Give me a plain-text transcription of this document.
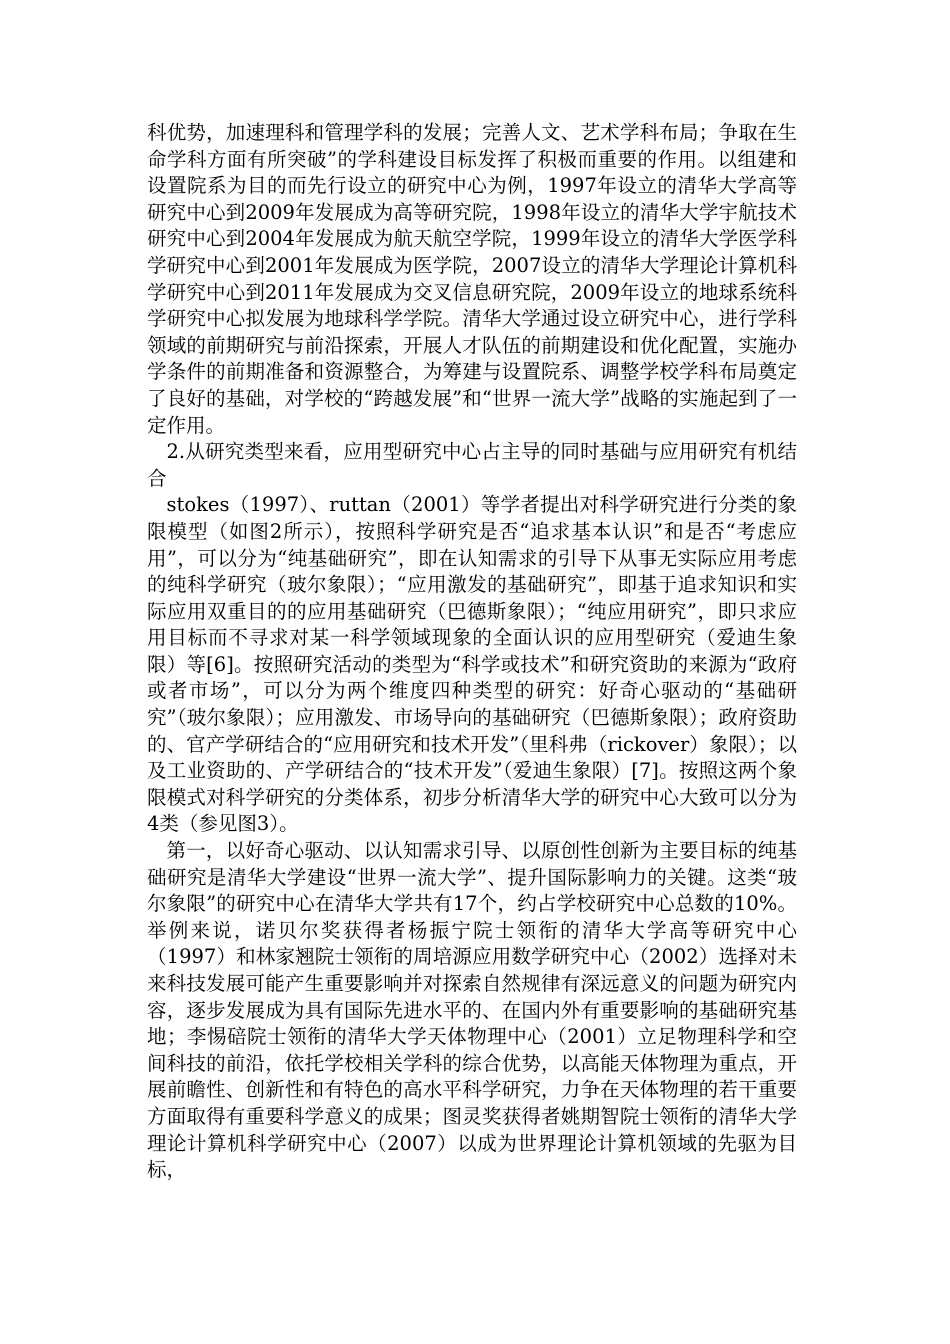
科优势，加速理科和管理学科的发展；完善人文、艺术学科布局；争取在生命学科方面有所突破”的学科建设目标发挥了积极而重要的作用。以组建和设置院系为目的而先行设立的研究中心为例，1997年设立的清华大学高等研究中心到2009年发展成为高等研究院，1998年设立的清华大学宇航技术研究中心到2004年发展成为航天航空学院，1999年设立的清华大学医学科学研究中心到2001年发展成为医学院，2007设立的清华大学理论计算机科学研究中心到2011年发展成为交叉信息研究院，2009年设立的地球系统科学研究中心拟发展为地球科学学院。清华大学通过设立研究中心，进行学科领域的前期研究与前沿探索，开展人才队伍的前期建设和优化配置，实施办学条件的前期准备和资源整合，为筹建与设置院系、调整学校学科布局奠定了良好的基础，对学校的“跨越发展”和“世界一流大学”战略的实施起到了一定作用。

2.从研究类型来看，应用型研究中心占主导的同时基础与应用研究有机结合

stokes（1997）、ruttan（2001）等学者提出对科学研究进行分类的象限模型（如图2所示），按照科学研究是否“追求基本认识”和是否“考虑应用”，可以分为“纯基础研究”，即在认知需求的引导下从事无实际应用考虑的纯科学研究（玻尔象限）；“应用激发的基础研究”，即基于追求知识和实际应用双重目的的应用基础研究（巴德斯象限）；“纯应用研究”，即只求应用目标而不寻求对某一科学领域现象的全面认识的应用型研究（爱迪生象限）等[6]。按照研究活动的类型为“科学或技术”和研究资助的来源为“政府或者市场”，可以分为两个维度四种类型的研究：好奇心驱动的“基础研究”（玻尔象限）；应用激发、市场导向的基础研究（巴德斯象限）；政府资助的、官产学研结合的“应用研究和技术开发”（里科弗（rickover）象限）；以及工业资助的、产学研结合的“技术开发”（爱迪生象限）[7]。按照这两个象限模式对科学研究的分类体系，初步分析清华大学的研究中心大致可以分为4类（参见图3）。

第一，以好奇心驱动、以认知需求引导、以原创性创新为主要目标的纯基础研究是清华大学建设“世界一流大学”、提升国际影响力的关键。这类“玻尔象限”的研究中心在清华大学共有17个，约占学校研究中心总数的10%。举例来说，诺贝尔奖获得者杨振宁院士领衔的清华大学高等研究中心（1997）和林家翘院士领衔的周培源应用数学研究中心（2002）选择对未来科技发展可能产生重要影响并对探索自然规律有深远意义的问题为研究内容，逐步发展成为具有国际先进水平的、在国内外有重要影响的基础研究基地；李惕碚院士领衔的清华大学天体物理中心（2001）立足物理科学和空间科技的前沿，依托学校相关学科的综合优势，以高能天体物理为重点，开展前瞻性、创新性和有特色的高水平科学研究，力争在天体物理的若干重要方面取得有重要科学意义的成果；图灵奖获得者姚期智院士领衔的清华大学理论计算机科学研究中心（2007）以成为世界理论计算机领域的先驱为目标，
